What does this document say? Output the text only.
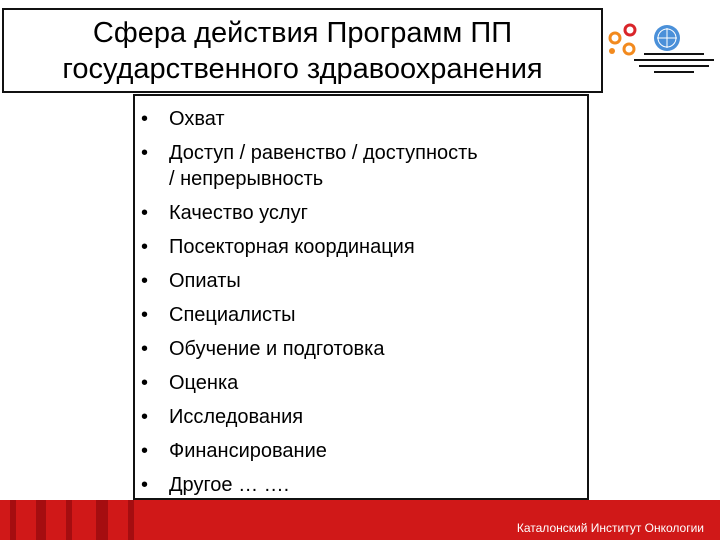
Сфера действия Программ ПП
государственного здравоохранения
• Охват
• Доступ / равенство / доступность
/ непрерывность
• Качество услуг
• Посекторная координация
• Опиаты
• Специалисты
• Обучение и подготовка
• Оценка
• Исследования
• Финансирование
• Другое … ….
Каталонский Институт Онкологии
